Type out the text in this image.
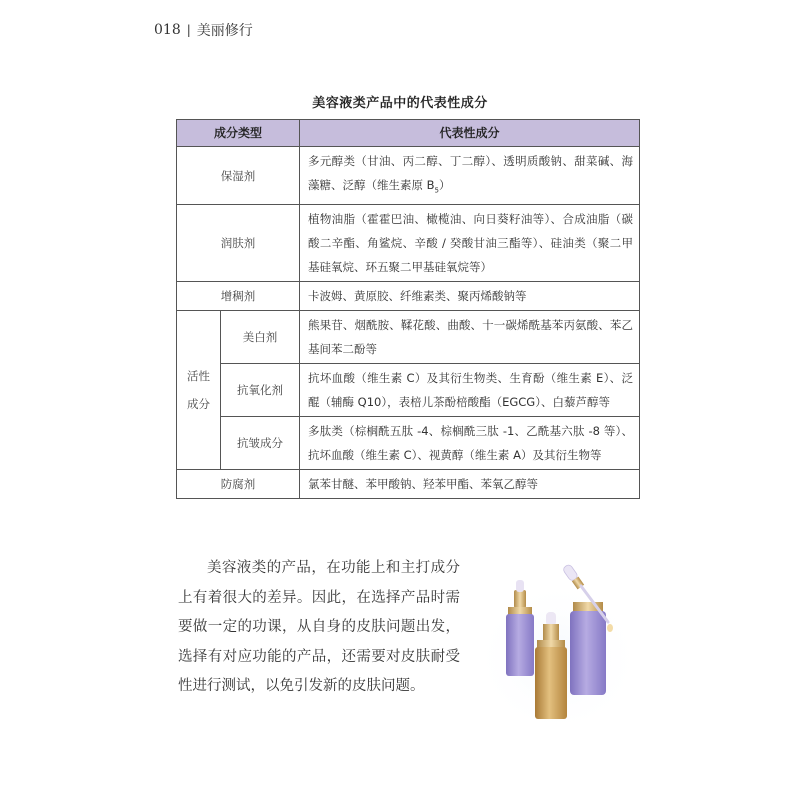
018 | 美丽修行
美容液类产品中的代表性成分
成分类型		代表性成分
保湿剂		多元醇类（甘油、丙二醇、丁二醇）、透明质酸钠、甜菜碱、海藻糖、泛醇（维生素原 $B_5$）
润肤剂		植物油脂（霍霍巴油、橄榄油、向日葵籽油等）、合成油脂（碳酸二辛酯、角鲨烷、辛酸 / 癸酸甘油三酯等）、硅油类（聚二甲基硅氧烷、环五聚二甲基硅氧烷等）
增稠剂		卡波姆、黄原胶、纤维素类、聚丙烯酸钠等

活性
成分	美白剂	熊果苷、烟酰胺、鞣花酸、曲酸、十一碳烯酰基苯丙氨酸、苯乙基间苯二酚等
	抗氧化剂	抗坏血酸（维生素 C）及其衍生物类、生育酚（维生素 E）、泛醌（辅酶 Q10），表棓儿茶酚棓酸酯（EGCG）、白藜芦醇等
	抗皱成分	多肽类（棕榈酰五肽 -4、棕榈酰三肽 -1、乙酰基六肽 -8 等）、抗坏血酸（维生素 C）、视黄醇（维生素 A）及其衍生物等
防腐剂		氯苯甘醚、苯甲酸钠、羟苯甲酯、苯氧乙醇等
美容液类的产品，在功能上和主打成分上有着很大的差异。因此，在选择产品时需要做一定的功课，从自身的皮肤问题出发，选择有对应功能的产品，还需要对皮肤耐受性进行测试，以免引发新的皮肤问题。
